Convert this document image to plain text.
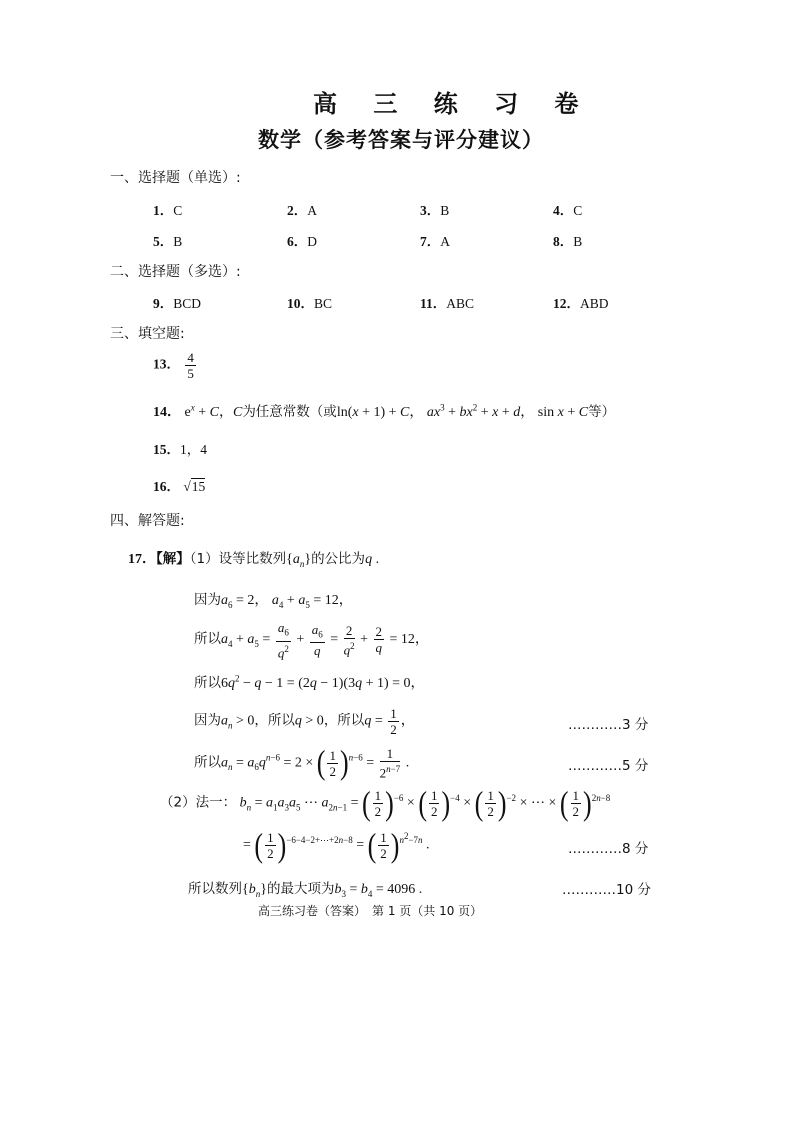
高 三 练 习 卷
数学（参考答案与评分建议）
一、选择题（单选）:
1．C	2．A	3．B	4．C
5．B	6．D	7．A	8．B
二、选择题（多选）:
9．BCD	10．BC	11．ABC	12．ABD
三、填空题:
13． $\frac{4}{5}$
14． $e^x + C$，C为任意常数（或ln(x + 1) + C， $ax^3 + bx^2 + x + d$， sin x + C等）
15．1，4
16． √15
四、解答题:
17．【解】（1）设等比数列$\{a_n\}$的公比为q .
因为$a_6 = 2$， $a_4 + a_5 = 12$，
所以$a_4 + a_5 = \frac{a_6}{q^2} + \frac{a_6}{q} = \frac{2}{q^2} + \frac{2}{q} = 12$，
所以$6q^2 - q - 1 = (2q - 1)(3q + 1) = 0$，
因为$a_n > 0$，所以q > 0，所以$q = \frac{1}{2}$ ，	…………3 分
所以$a_n = a_6q^{n-6} = 2$ × ( $\frac{1}{2} )^{n-6} = \frac{1}{2^{n-7}}$ .	…………5 分
（2）法一： $b_n = a_1a_3a_5$ ⋯ $a_{2n-1}$ = ( $\frac{1}{2} )^{-6}$ × ( $\frac{1}{2} )^{-4}$ × ( $\frac{1}{2} )^{-2}$ × ⋯ × ( $\frac{1}{2} )^{2n-8}$
= ( $\frac{1}{2} )^{-6-4-2+\cdots+2n-8}$ = ( $\frac{1}{2} )^{n^2-7n}$ .	…………8 分
所以数列$\{b_n\}$的最大项为$b_3 = b_4 = 4096$ .	…………10 分
高三练习卷（答案）　第 1 页（共 10 页）
